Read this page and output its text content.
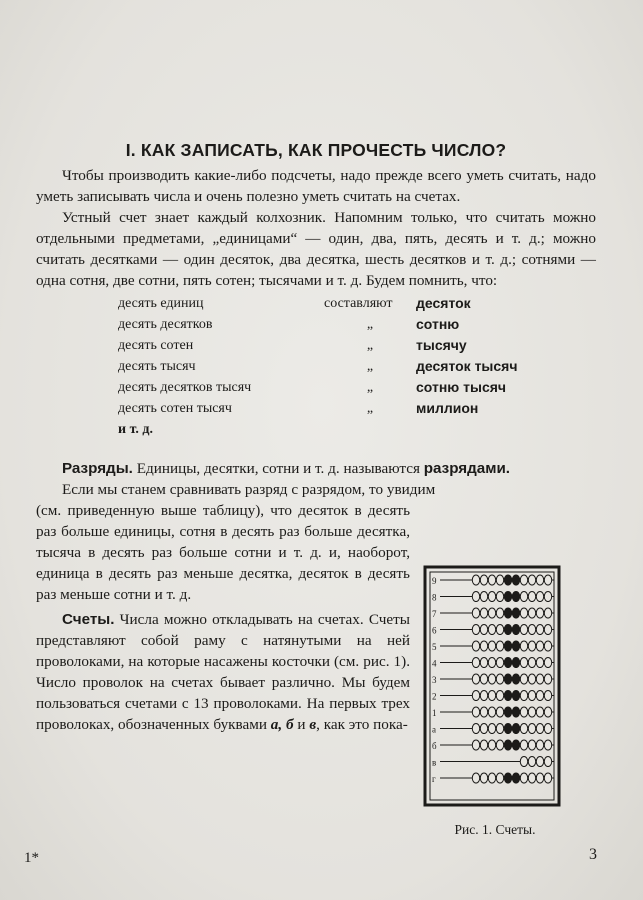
I. КАК ЗАПИСАТЬ, КАК ПРОЧЕСТЬ ЧИСЛО?

Чтобы производить какие-либо подсчеты, надо прежде всего уметь считать, надо уметь записывать числа и очень полезно уметь считать на счетах.

Устный счет знает каждый колхозник. Напомним только, что считать можно отдельными предметами, „единицами“ — один, два, пять, десять и т. д.; можно считать десятками — один десяток, два десятка, шесть десятков и т. д.; сотнями — одна сотня, две сотни, пять сотен; тысячами и т. д. Будем помнить, что:

десять единиц	составляют	десяток
десять десятков	„	сотню
десять сотен	„	тысячу
десять тысяч	„	десяток тысяч
десять десятков тысяч	„	сотню тысяч
десять сотен тысяч	„	миллион
и т. д.		

Разряды. Единицы, десятки, сотни и т. д. называются разрядами.

Если мы станем сравнивать разряд с разрядом, то увидим

(см. приведенную выше таблицу), что десяток в десять раз больше единицы, сотня в десять раз больше десятка, тысяча в десять раз больше сотни и т. д. и, наоборот, единица в десять раз меньше десятка, десяток в десять раз меньше сотни и т. д.

Счеты. Числа можно откладывать на счетах. Счеты представляют собой раму с натянутыми на ней проволоками, на которые насажены косточки (см. рис. 1). Число проволок на счетах бывает различно. Мы будем пользоваться счетами с 13 проволоками. На первых трех проволоках, обозначенных буквами а, б и в, как это пока-

9
8
7
6
5
4
3
2
1
а
б
в
г
Рис. 1. Счеты.
1*	3
